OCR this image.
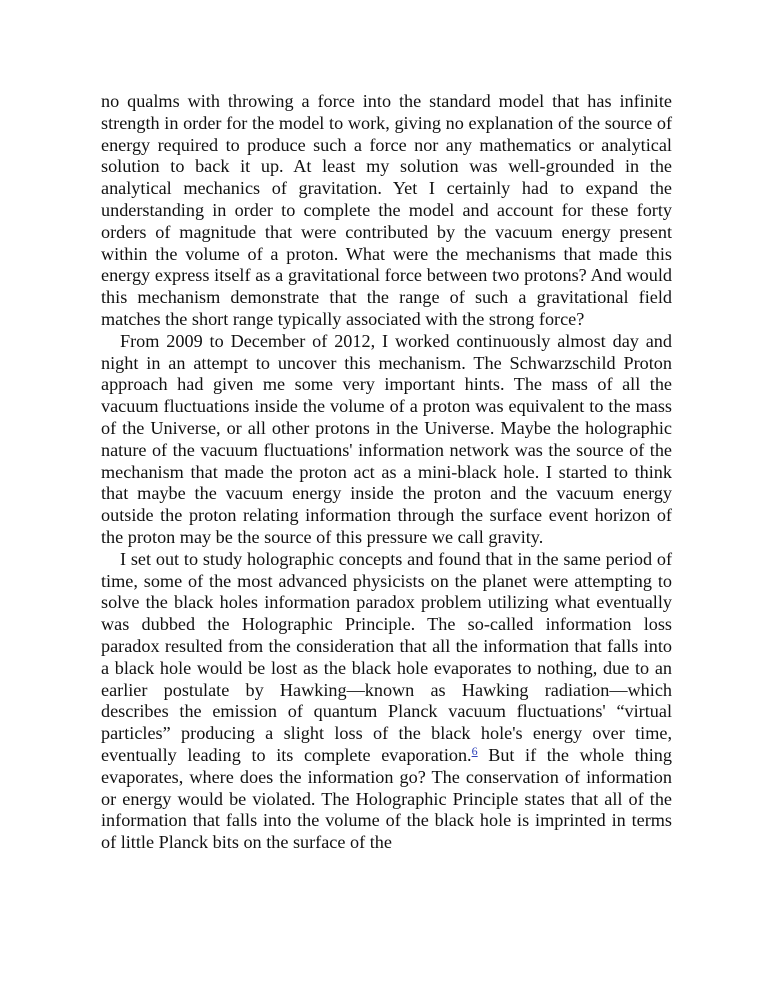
no qualms with throwing a force into the standard model that has infinite strength in order for the model to work, giving no explanation of the source of energy required to produce such a force nor any mathematics or analytical solution to back it up. At least my solution was well-grounded in the analytical mechanics of gravitation. Yet I certainly had to expand the understanding in order to complete the model and account for these forty orders of magnitude that were contributed by the vacuum energy present within the volume of a proton. What were the mechanisms that made this energy express itself as a gravitational force between two protons? And would this mechanism demonstrate that the range of such a gravitational field matches the short range typically associated with the strong force?

From 2009 to December of 2012, I worked continuously almost day and night in an attempt to uncover this mechanism. The Schwarzschild Proton approach had given me some very important hints. The mass of all the vacuum fluctuations inside the volume of a proton was equivalent to the mass of the Universe, or all other protons in the Universe. Maybe the holographic nature of the vacuum fluctuations' information network was the source of the mechanism that made the proton act as a mini-black hole. I started to think that maybe the vacuum energy inside the proton and the vacuum energy outside the proton relating information through the surface event horizon of the proton may be the source of this pressure we call gravity.

I set out to study holographic concepts and found that in the same period of time, some of the most advanced physicists on the planet were attempting to solve the black holes information paradox problem utilizing what eventually was dubbed the Holographic Principle. The so-called information loss paradox resulted from the consideration that all the information that falls into a black hole would be lost as the black hole evaporates to nothing, due to an earlier postulate by Hawking—known as Hawking radiation—which describes the emission of quantum Planck vacuum fluctuations' “virtual particles” producing a slight loss of the black hole's energy over time, eventually leading to its complete evaporation.$^6$ But if the whole thing evaporates, where does the information go? The conservation of information or energy would be violated. The Holographic Principle states that all of the information that falls into the volume of the black hole is imprinted in terms of little Planck bits on the surface of the
